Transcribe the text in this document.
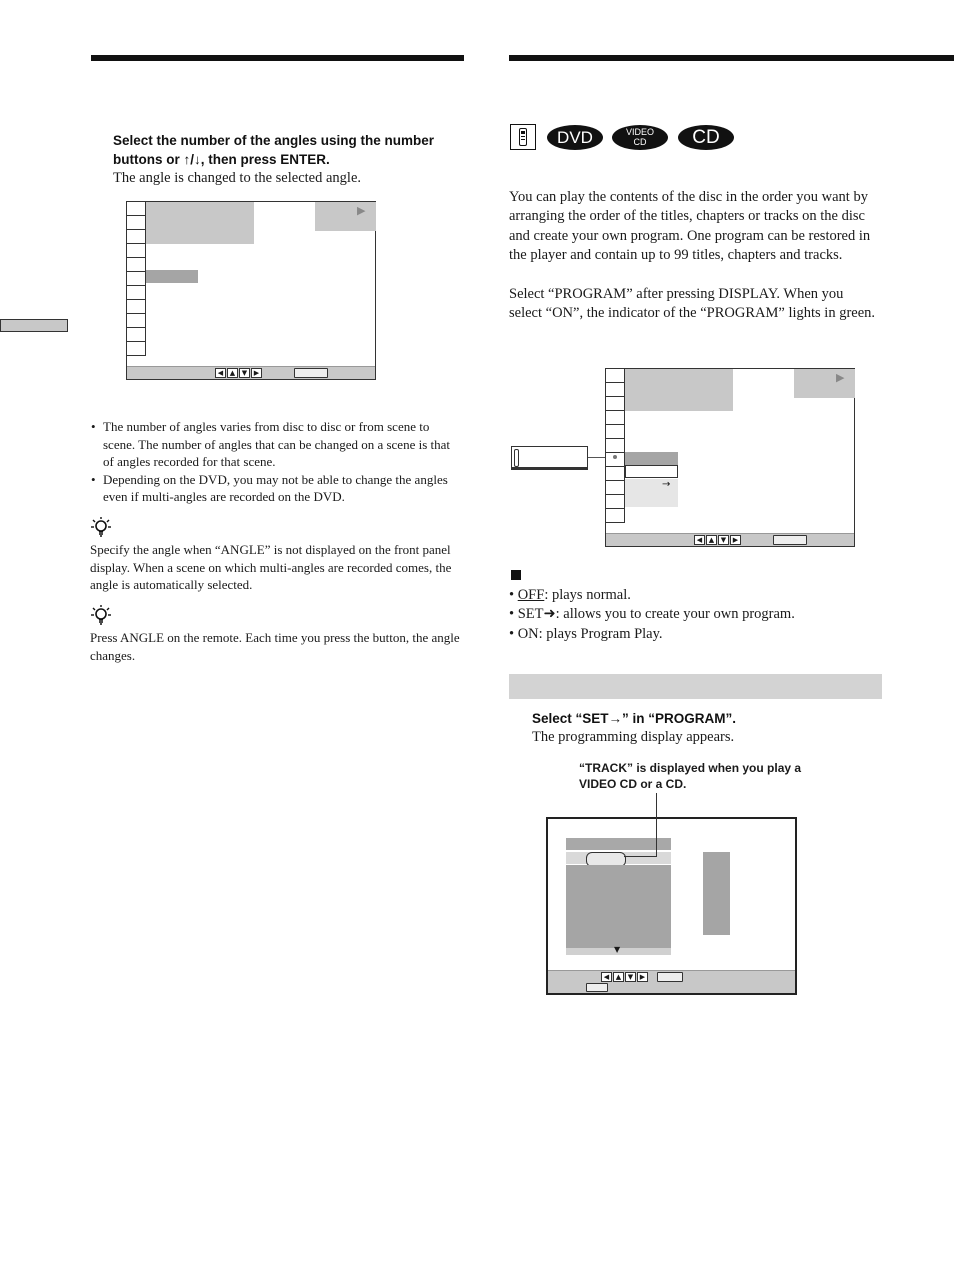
Select the number of the angles using the number buttons or ↑/↓, then press ENTER.
The angle is changed to the selected angle.
▶
◀ ▲ ▼ ▶
• The number of angles varies from disc to disc or from scene to scene. The number of angles that can be changed on a scene is that of angles recorded for that scene.
• Depending on the DVD, you may not be able to change the angles even if multi-angles are recorded on the DVD.
Specify the angle when “ANGLE” is not displayed on the front panel display. When a scene on which multi-angles are recorded comes, the angle is automatically selected.
Press ANGLE on the remote. Each time you press the button, the angle changes.
DVD	VIDEO
CD	CD
You can play the contents of the disc in the order you want by arranging the order of the titles, chapters or tracks on the disc and create your own program. One program can be restored in the player and contain up to 99 titles, chapters and tracks.
Select “PROGRAM” after pressing DISPLAY. When you select “ON”, the indicator of the “PROGRAM” lights in green.
▶
→
◀ ▲ ▼ ▶
• OFF: plays normal.
• SET➜: allows you to create your own program.
• ON: plays Program Play.
Select “SET→” in “PROGRAM”.
The programming display appears.
“TRACK” is displayed when you play a VIDEO CD or a CD.
▼
◀ ▲ ▼ ▶
